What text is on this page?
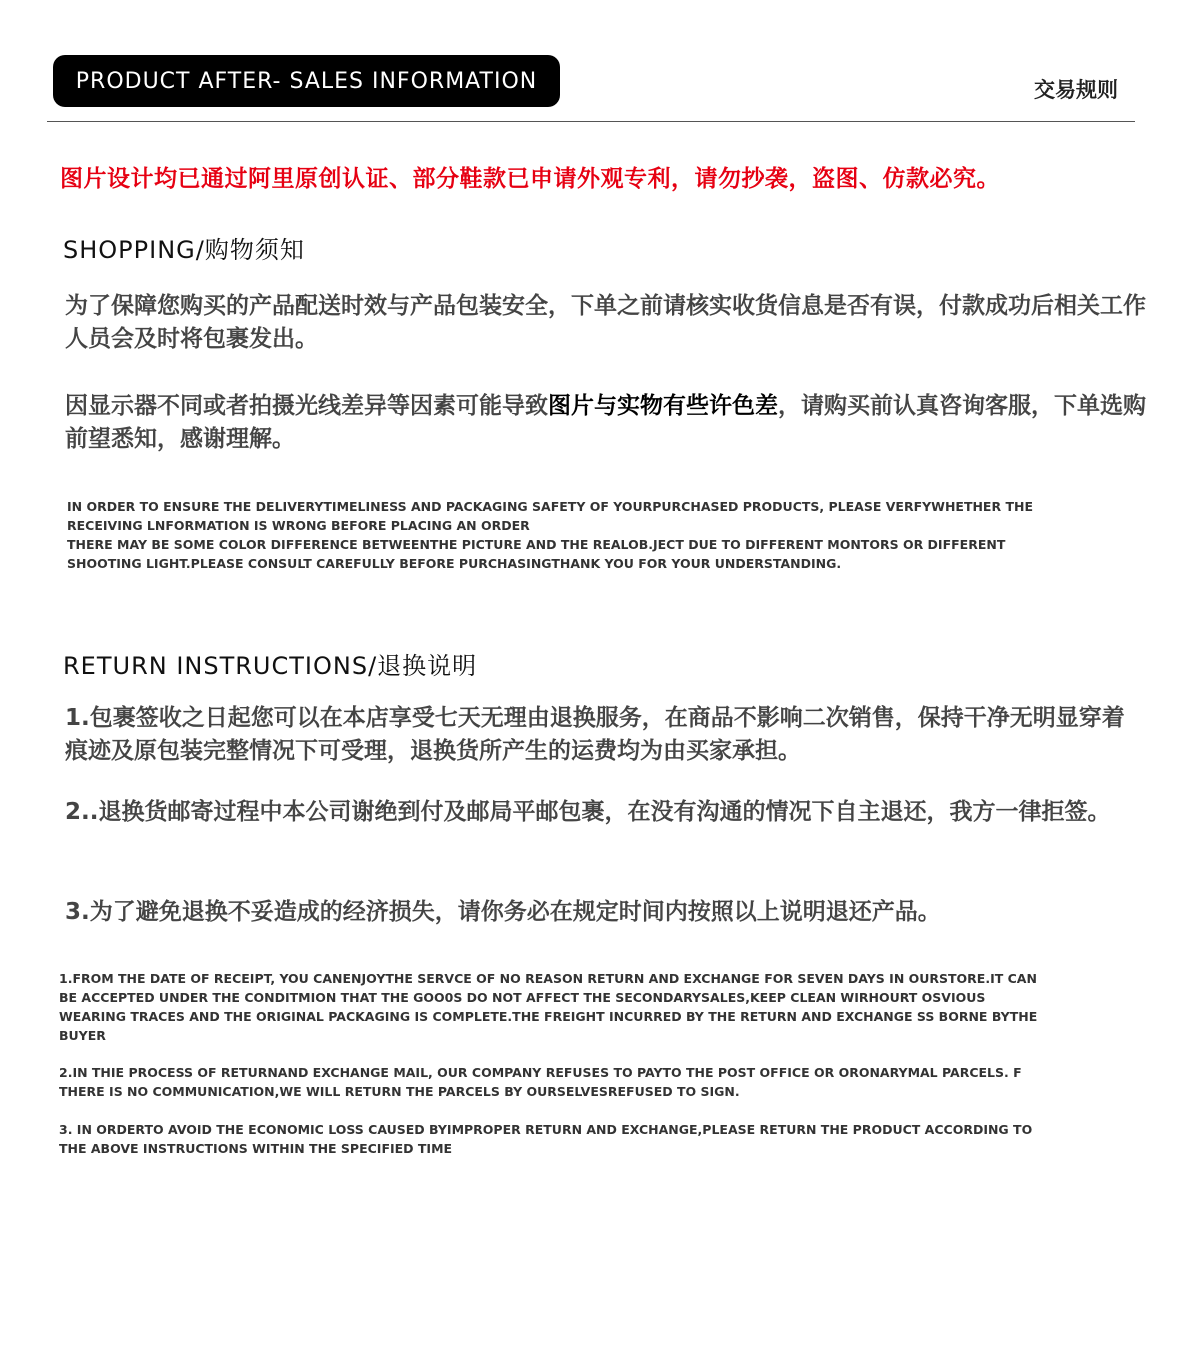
PRODUCT AFTER- SALES INFORMATION	交易规则
图片设计均已通过阿里原创认证、部分鞋款已申请外观专利，请勿抄袭，盗图、仿款必究。
SHOPPING/购物须知
为了保障您购买的产品配送时效与产品包装安全，下单之前请核实收货信息是否有误，付款成功后相关工作人员会及时将包裹发出。
因显示器不同或者拍摄光线差异等因素可能导致图片与实物有些许色差，请购买前认真咨询客服，下单选购前望悉知，感谢理解。

IN ORDER TO ENSURE THE DELIVERYTIMELINESS AND PACKAGING SAFETY OF YOURPURCHASED PRODUCTS, PLEASE VERFYWHETHER THE RECEIVING LNFORMATION IS WRONG BEFORE PLACING AN ORDER

THERE MAY BE SOME COLOR DIFFERENCE BETWEENTHE PICTURE AND THE REALOB.JECT DUE TO DIFFERENT MONTORS OR DIFFERENT SHOOTING LIGHT.PLEASE CONSULT CAREFULLY BEFORE PURCHASINGTHANK YOU FOR YOUR UNDERSTANDING.

RETURN INSTRUCTIONS/退换说明
1.包裹签收之日起您可以在本店享受七天无理由退换服务，在商品不影响二次销售，保持干净无明显穿着痕迹及原包装完整情况下可受理，退换货所产生的运费均为由买家承担。
2..退换货邮寄过程中本公司谢绝到付及邮局平邮包裹，在没有沟通的情况下自主退还，我方一律拒签。
3.为了避免退换不妥造成的经济损失，请你务必在规定时间内按照以上说明退还产品。
1.FROM THE DATE OF RECEIPT, YOU CANENJOYTHE SERVCE OF NO REASON RETURN AND EXCHANGE FOR SEVEN DAYS IN OURSTORE.IT CAN BE ACCEPTED UNDER THE CONDITMION THAT THE GOO0S DO NOT AFFECT THE SECONDARYSALES,KEEP CLEAN WIRHOURT OSVIOUS WEARING TRACES AND THE ORIGINAL PACKAGING IS COMPLETE.THE FREIGHT INCURRED BY THE RETURN AND EXCHANGE SS BORNE BYTHE BUYER
2.IN THIE PROCESS OF RETURNAND EXCHANGE MAIL, OUR COMPANY REFUSES TO PAYTO THE POST OFFICE OR ORONARYMAL PARCELS. F THERE IS NO COMMUNICATION,WE WILL RETURN THE PARCELS BY OURSELVESREFUSED TO SIGN.
3. IN ORDERTO AVOID THE ECONOMIC LOSS CAUSED BYIMPROPER RETURN AND EXCHANGE,PLEASE RETURN THE PRODUCT ACCORDING TO THE ABOVE INSTRUCTIONS WITHIN THE SPECIFIED TIME
